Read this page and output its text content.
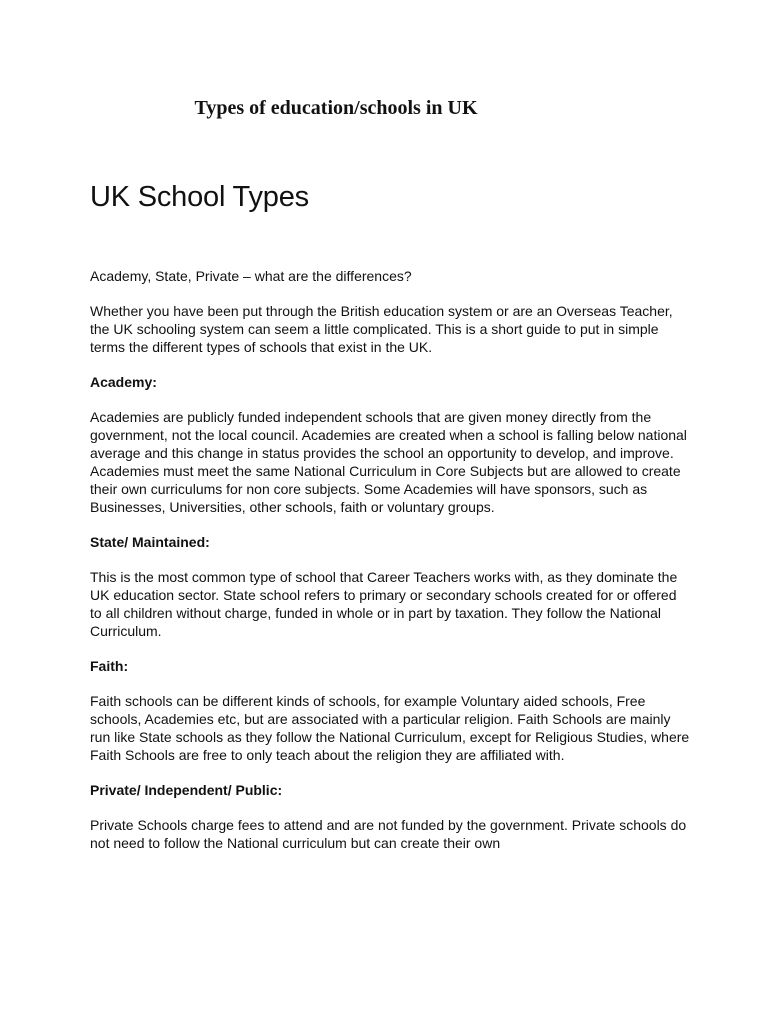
Types of education/schools in UK
UK School Types

Academy, State, Private – what are the differences?

Whether you have been put through the British education system or are an Overseas Teacher, the UK schooling system can seem a little complicated. This is a short guide to put in simple terms the different types of schools that exist in the UK.

Academy:

Academies are publicly funded independent schools that are given money directly from the government, not the local council. Academies are created when a school is falling below national average and this change in status provides the school an opportunity to develop, and improve. Academies must meet the same National Curriculum in Core Subjects but are allowed to create their own curriculums for non core subjects. Some Academies will have sponsors, such as Businesses, Universities, other schools, faith or voluntary groups.

State/ Maintained:

This is the most common type of school that Career Teachers works with, as they dominate the UK education sector. State school refers to primary or secondary schools created for or offered to all children without charge, funded in whole or in part by taxation. They follow the National Curriculum.

Faith:

Faith schools can be different kinds of schools, for example Voluntary aided schools, Free schools, Academies etc, but are associated with a particular religion. Faith Schools are mainly run like State schools as they follow the National Curriculum, except for Religious Studies, where Faith Schools are free to only teach about the religion they are affiliated with.

Private/ Independent/ Public:

Private Schools charge fees to attend and are not funded by the government. Private schools do not need to follow the National curriculum but can create their own
